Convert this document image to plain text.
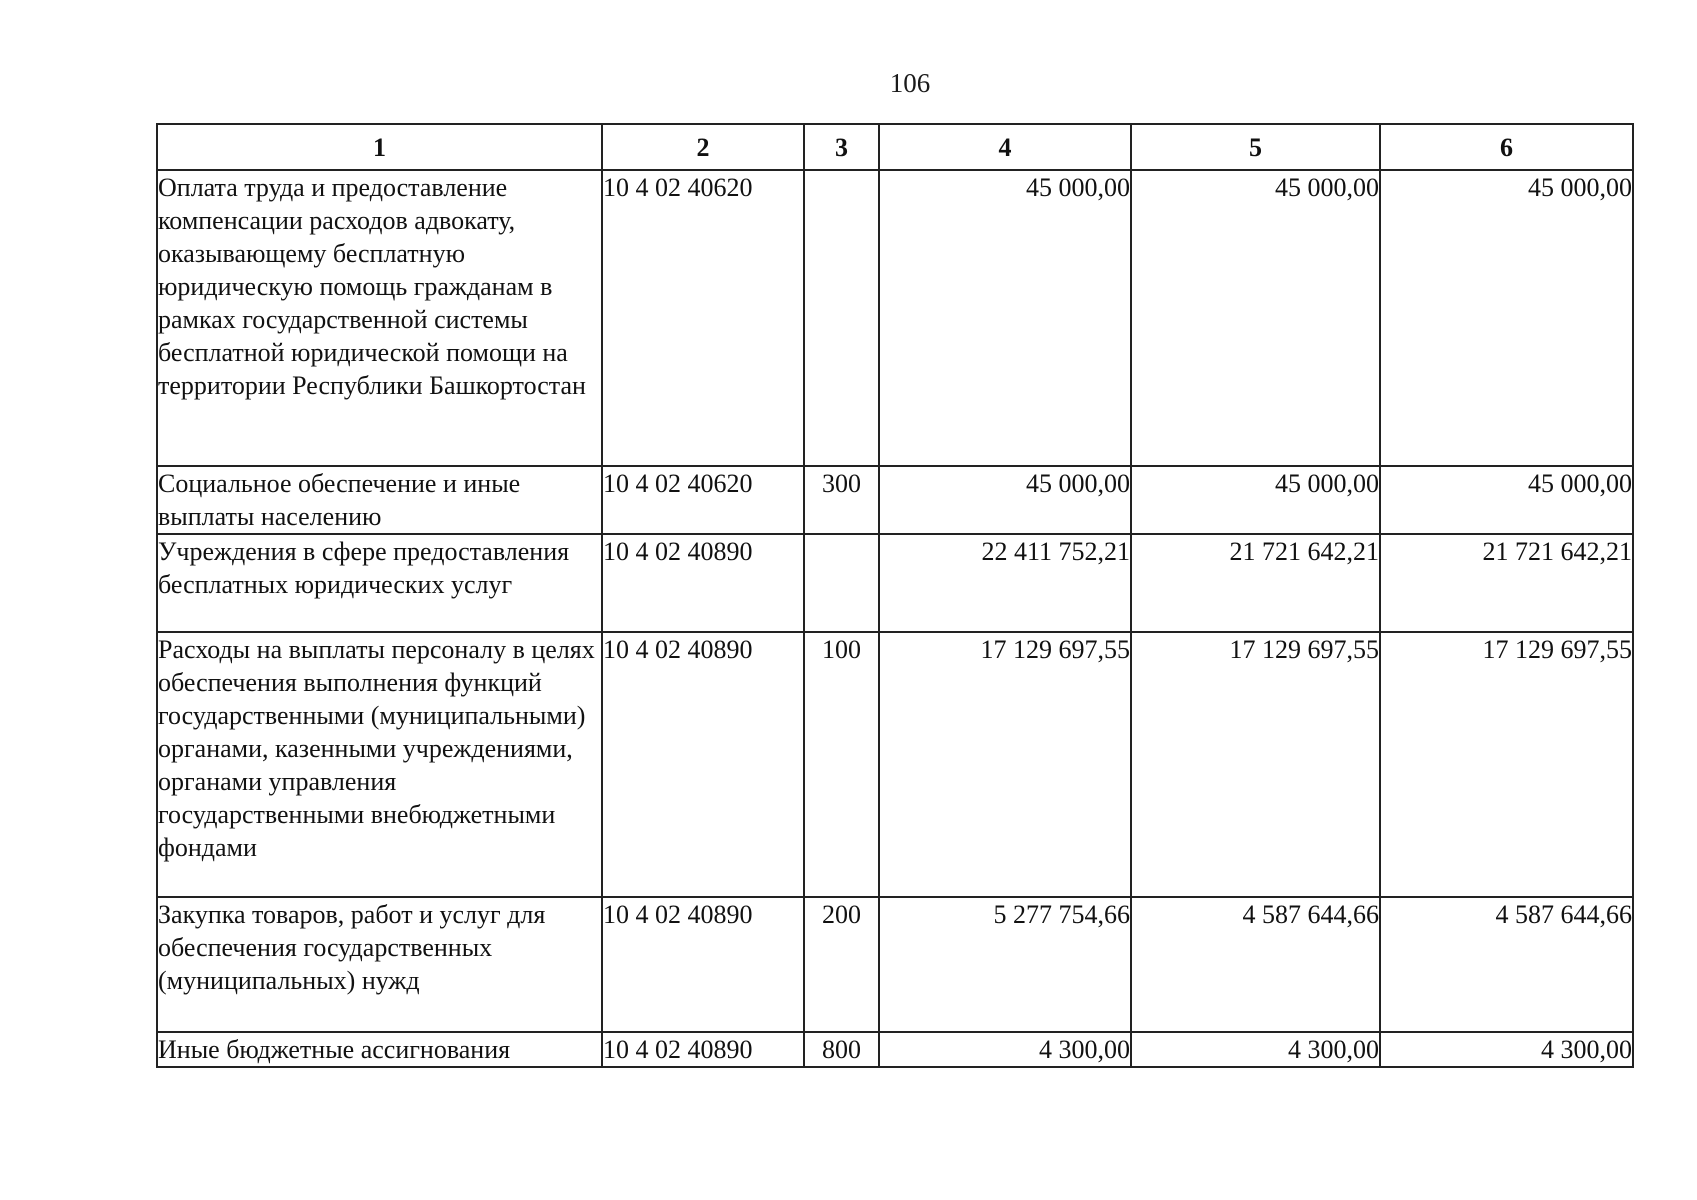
106
1	2	3	4	5	6
Оплата труда и предоставление компенсации расходов адвокату, оказывающему бесплатную юридическую помощь гражданам в рамках государственной системы бесплатной юридической помощи на территории Республики Башкортостан	10 4 02 40620		45 000,00	45 000,00	45 000,00
Социальное обеспечение и иные выплаты населению	10 4 02 40620	300	45 000,00	45 000,00	45 000,00
Учреждения в сфере предоставления бесплатных юридических услуг	10 4 02 40890		22 411 752,21	21 721 642,21	21 721 642,21
Расходы на выплаты персоналу в целях обеспечения выполнения функций государственными (муниципальными) органами, казенными учреждениями, органами управления государственными внебюджетными фондами	10 4 02 40890	100	17 129 697,55	17 129 697,55	17 129 697,55
Закупка товаров, работ и услуг для обеспечения государственных (муниципальных) нужд	10 4 02 40890	200	5 277 754,66	4 587 644,66	4 587 644,66
Иные бюджетные ассигнования	10 4 02 40890	800	4 300,00	4 300,00	4 300,00
